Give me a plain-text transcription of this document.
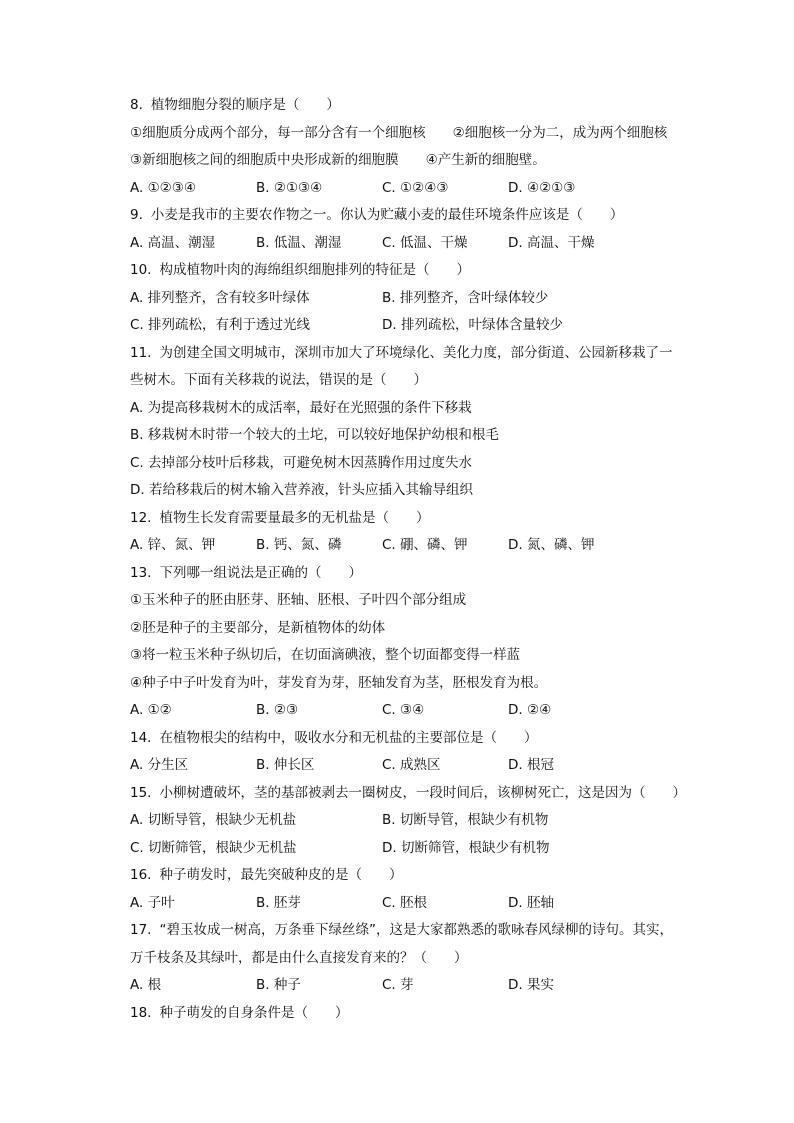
8. 植物细胞分裂的顺序是（　　）
①细胞质分成两个部分，每一部分含有一个细胞核　　②细胞核一分为二，成为两个细胞核
③新细胞核之间的细胞质中央形成新的细胞膜　　④产生新的细胞壁。
A. ①②③④	B. ②①③④	C. ①②④③	D. ④②①③
9. 小麦是我市的主要农作物之一。你认为贮藏小麦的最佳环境条件应该是（　　）
A. 高温、潮湿	B. 低温、潮湿	C. 低温、干燥	D. 高温、干燥
10. 构成植物叶肉的海绵组织细胞排列的特征是（　　）
A. 排列整齐，含有较多叶绿体	B. 排列整齐，含叶绿体较少
C. 排列疏松，有利于透过光线	D. 排列疏松，叶绿体含量较少
11. 为创建全国文明城市，深圳市加大了环境绿化、美化力度，部分街道、公园新移栽了一
些树木。下面有关移栽的说法，错误的是（　　）
A. 为提高移栽树木的成活率，最好在光照强的条件下移栽
B. 移栽树木时带一个较大的土坨，可以较好地保护幼根和根毛
C. 去掉部分枝叶后移栽，可避免树木因蒸腾作用过度失水
D. 若给移栽后的树木输入营养液，针头应插入其输导组织
12. 植物生长发育需要量最多的无机盐是（　　）
A. 锌、氮、钾	B. 钙、氮、磷	C. 硼、磷、钾	D. 氮、磷、钾
13. 下列哪一组说法是正确的（　　）
①玉米种子的胚由胚芽、胚轴、胚根、子叶四个部分组成
②胚是种子的主要部分，是新植物体的幼体
③将一粒玉米种子纵切后，在切面滴碘液，整个切面都变得一样蓝
④种子中子叶发育为叶，芽发育为芽，胚轴发育为茎，胚根发育为根。
A. ①②	B. ②③	C. ③④	D. ②④
14. 在植物根尖的结构中，吸收水分和无机盐的主要部位是（　　）
A. 分生区	B. 伸长区	C. 成熟区	D. 根冠
15. 小柳树遭破坏，茎的基部被剥去一圈树皮，一段时间后，该柳树死亡，这是因为（　　）
A. 切断导管，根缺少无机盐	B. 切断导管，根缺少有机物
C. 切断筛管，根缺少无机盐	D. 切断筛管，根缺少有机物
16. 种子萌发时，最先突破种皮的是（　　）
A. 子叶	B. 胚芽	C. 胚根	D. 胚轴
17. “碧玉妆成一树高，万条垂下绿丝绦”，这是大家都熟悉的歌咏春风绿柳的诗句。其实，
万千枝条及其绿叶，都是由什么直接发育来的？（　　）
A. 根	B. 种子	C. 芽	D. 果实
18. 种子萌发的自身条件是（　　）
